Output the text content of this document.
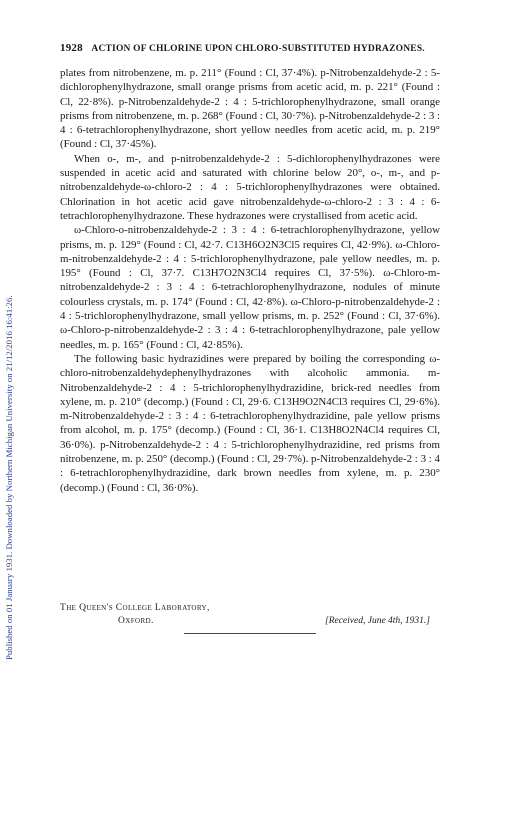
Published on 01 January 1931. Downloaded by Northern Michigan University on 21/12/2016 16:41:26.
1928 ACTION OF CHLORINE UPON CHLORO-SUBSTITUTED HYDRAZONES.

plates from nitrobenzene, m. p. 211° (Found : Cl, 37·4%). p-Nitrobenzaldehyde-2 : 5-dichlorophenylhydrazone, small orange prisms from acetic acid, m. p. 221° (Found : Cl, 22·8%). p-Nitrobenzaldehyde-2 : 4 : 5-trichlorophenylhydrazone, small orange prisms from nitrobenzene, m. p. 268° (Found : Cl, 30·7%). p-Nitrobenzaldehyde-2 : 3 : 4 : 6-tetrachlorophenylhydrazone, short yellow needles from acetic acid, m. p. 219° (Found : Cl, 37·45%).

When o-, m-, and p-nitrobenzaldehyde-2 : 5-dichlorophenylhydrazones were suspended in acetic acid and saturated with chlorine below 20°, o-, m-, and p-nitrobenzaldehyde-ω-chloro-2 : 4 : 5-trichlorophenylhydrazones were obtained. Chlorination in hot acetic acid gave nitrobenzaldehyde-ω-chloro-2 : 3 : 4 : 6-tetrachlorophenylhydrazone. These hydrazones were crystallised from acetic acid.

ω-Chloro-o-nitrobenzaldehyde-2 : 3 : 4 : 6-tetrachlorophenylhydrazone, yellow prisms, m. p. 129° (Found : Cl, 42·7. C13H6O2N3Cl5 requires Cl, 42·9%). ω-Chloro-m-nitrobenzaldehyde-2 : 4 : 5-trichlorophenylhydrazone, pale yellow needles, m. p. 195° (Found : Cl, 37·7. C13H7O2N3Cl4 requires Cl, 37·5%). ω-Chloro-m-nitrobenzaldehyde-2 : 3 : 4 : 6-tetrachlorophenylhydrazone, nodules of minute colourless crystals, m. p. 174° (Found : Cl, 42·8%). ω-Chloro-p-nitrobenzaldehyde-2 : 4 : 5-trichlorophenylhydrazone, small yellow prisms, m. p. 252° (Found : Cl, 37·6%). ω-Chloro-p-nitrobenzaldehyde-2 : 3 : 4 : 6-tetrachlorophenylhydrazone, pale yellow needles, m. p. 165° (Found : Cl, 42·85%).

The following basic hydrazidines were prepared by boiling the corresponding ω-chloro-nitrobenzaldehydephenylhydrazones with alcoholic ammonia. m-Nitrobenzaldehyde-2 : 4 : 5-trichlorophenylhydrazidine, brick-red needles from xylene, m. p. 210° (decomp.) (Found : Cl, 29·6. C13H9O2N4Cl3 requires Cl, 29·6%). m-Nitrobenzaldehyde-2 : 3 : 4 : 6-tetrachlorophenylhydrazidine, pale yellow prisms from alcohol, m. p. 175° (decomp.) (Found : Cl, 36·1. C13H8O2N4Cl4 requires Cl, 36·0%). p-Nitrobenzaldehyde-2 : 4 : 5-trichlorophenylhydrazidine, red prisms from nitrobenzene, m. p. 250° (decomp.) (Found : Cl, 29·7%). p-Nitrobenzaldehyde-2 : 3 : 4 : 6-tetrachlorophenylhydrazidine, dark brown needles from xylene, m. p. 230° (decomp.) (Found : Cl, 36·0%).

The Queen's College Laboratory,
Oxford.	[Received, June 4th, 1931.]
